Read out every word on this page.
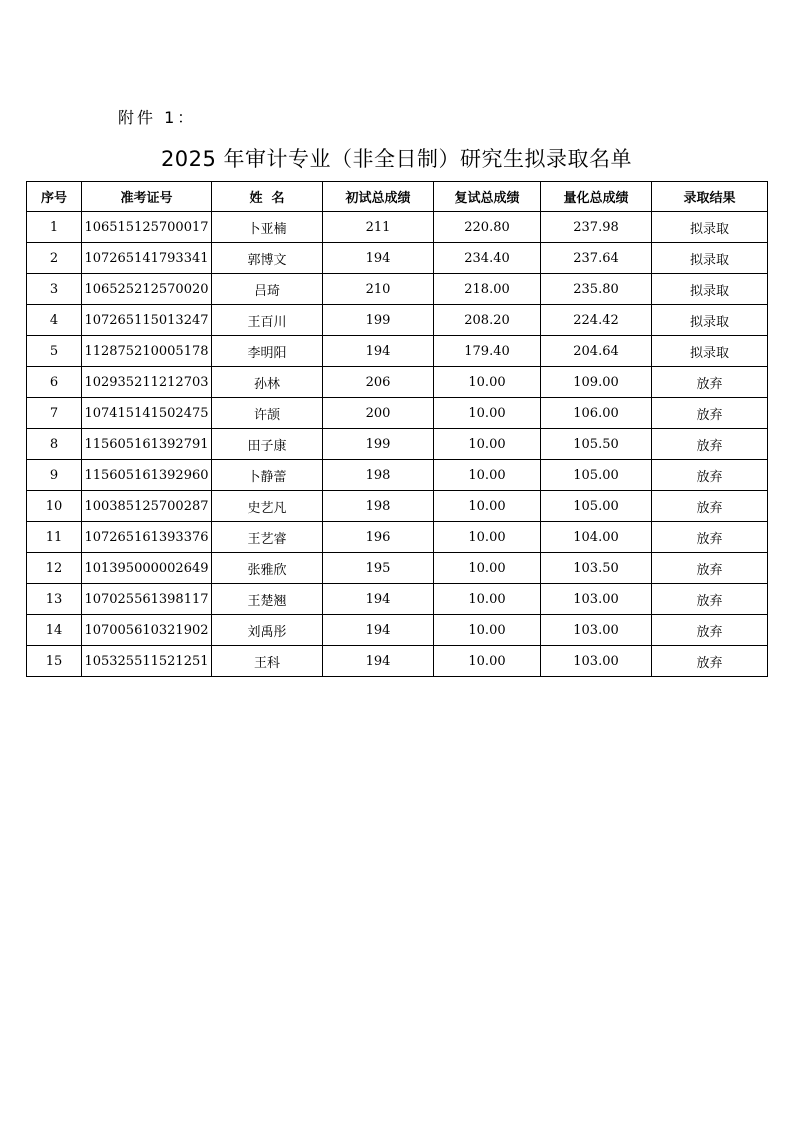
附件 1：
2025 年审计专业（非全日制）研究生拟录取名单
序号	准考证号	姓  名	初试总成绩	复试总成绩	量化总成绩	录取结果
1	106515125700017	卜亚楠	211	220.80	237.98	拟录取
2	107265141793341	郭博文	194	234.40	237.64	拟录取
3	106525212570020	吕琦	210	218.00	235.80	拟录取
4	107265115013247	王百川	199	208.20	224.42	拟录取
5	112875210005178	李明阳	194	179.40	204.64	拟录取
6	102935211212703	孙林	206	10.00	109.00	放弃
7	107415141502475	许颉	200	10.00	106.00	放弃
8	115605161392791	田子康	199	10.00	105.50	放弃
9	115605161392960	卜静蕾	198	10.00	105.00	放弃
10	100385125700287	史艺凡	198	10.00	105.00	放弃
11	107265161393376	王艺睿	196	10.00	104.00	放弃
12	101395000002649	张雅欣	195	10.00	103.50	放弃
13	107025561398117	王楚翘	194	10.00	103.00	放弃
14	107005610321902	刘禹彤	194	10.00	103.00	放弃
15	105325511521251	王科	194	10.00	103.00	放弃
